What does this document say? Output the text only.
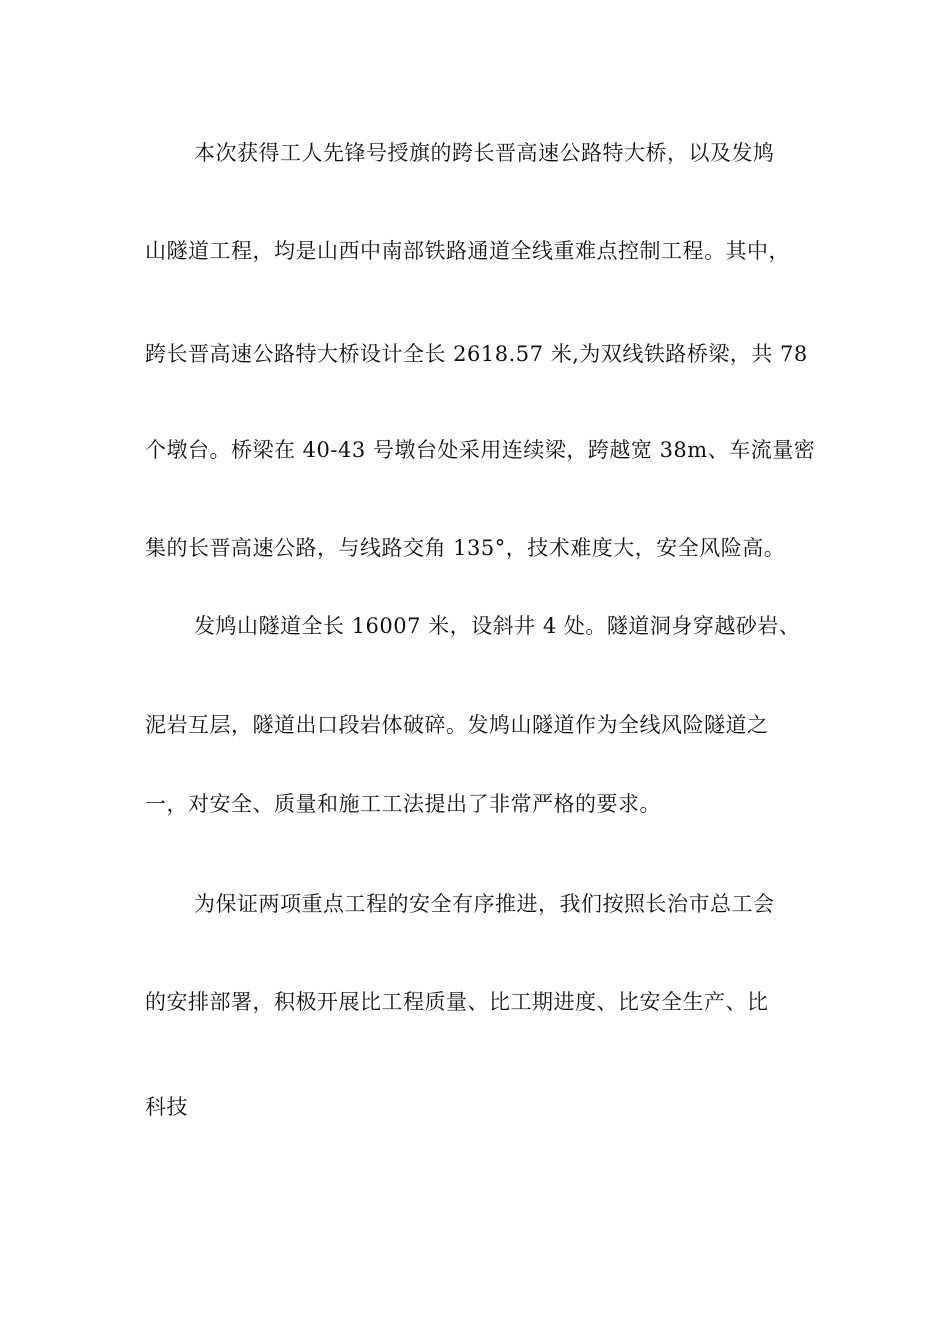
本次获得工人先锋号授旗的跨长晋高速公路特大桥，以及发鸠
山隧道工程，均是山西中南部铁路通道全线重难点控制工程。其中，
跨长晋高速公路特大桥设计全长 2618.57 米,为双线铁路桥梁，共 78
个墩台。桥梁在 40-43 号墩台处采用连续梁，跨越宽 38m、车流量密
集的长晋高速公路，与线路交角 135°，技术难度大，安全风险高。
发鸠山隧道全长 16007 米，设斜井 4 处。隧道洞身穿越砂岩、
泥岩互层，隧道出口段岩体破碎。发鸠山隧道作为全线风险隧道之
一，对安全、质量和施工工法提出了非常严格的要求。
为保证两项重点工程的安全有序推进，我们按照长治市总工会
的安排部署，积极开展比工程质量、比工期进度、比安全生产、比
科技
